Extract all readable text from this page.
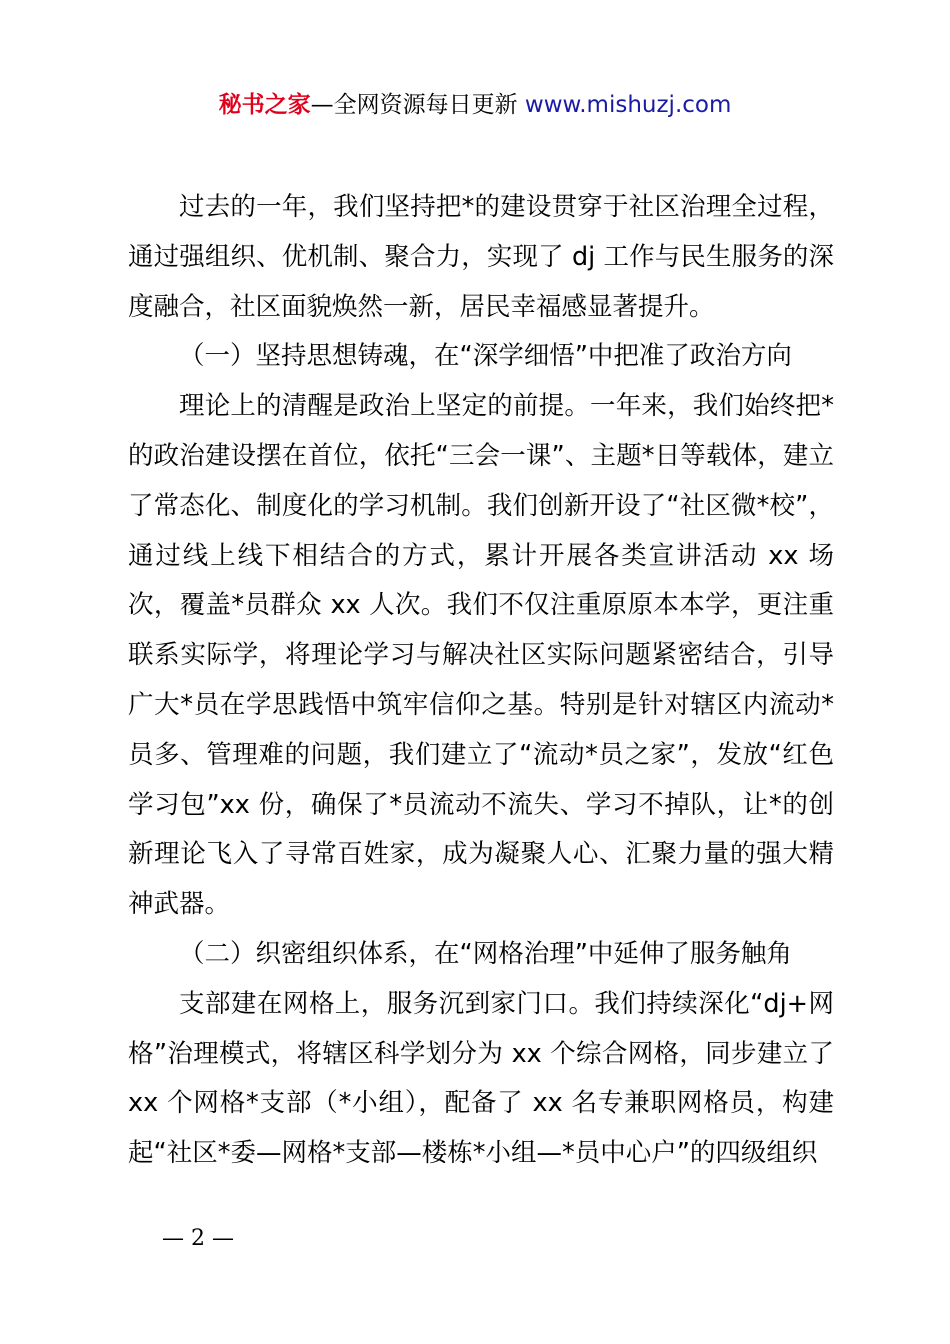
秘书之家—全网资源每日更新 www.mishuzj.com

过去的一年，我们坚持把*的建设贯穿于社区治理全过程，通过强组织、优机制、聚合力，实现了 dj 工作与民生服务的深度融合，社区面貌焕然一新，居民幸福感显著提升。

（一）坚持思想铸魂，在“深学细悟”中把准了政治方向

理论上的清醒是政治上坚定的前提。一年来，我们始终把*的政治建设摆在首位，依托“三会一课”、主题*日等载体，建立了常态化、制度化的学习机制。我们创新开设了“社区微*校”，通过线上线下相结合的方式，累计开展各类宣讲活动 xx 场次，覆盖*员群众 xx 人次。我们不仅注重原原本本学，更注重联系实际学，将理论学习与解决社区实际问题紧密结合，引导广大*员在学思践悟中筑牢信仰之基。特别是针对辖区内流动*员多、管理难的问题，我们建立了“流动*员之家”，发放“红色学习包”xx 份，确保了*员流动不流失、学习不掉队，让*的创新理论飞入了寻常百姓家，成为凝聚人心、汇聚力量的强大精神武器。

（二）织密组织体系，在“网格治理”中延伸了服务触角

支部建在网格上，服务沉到家门口。我们持续深化“dj+网格”治理模式，将辖区科学划分为 xx 个综合网格，同步建立了 xx 个网格*支部（*小组），配备了 xx 名专兼职网格员，构建起“社区*委—网格*支部—楼栋*小组—*员中心户”的四级组织

— 2 —
